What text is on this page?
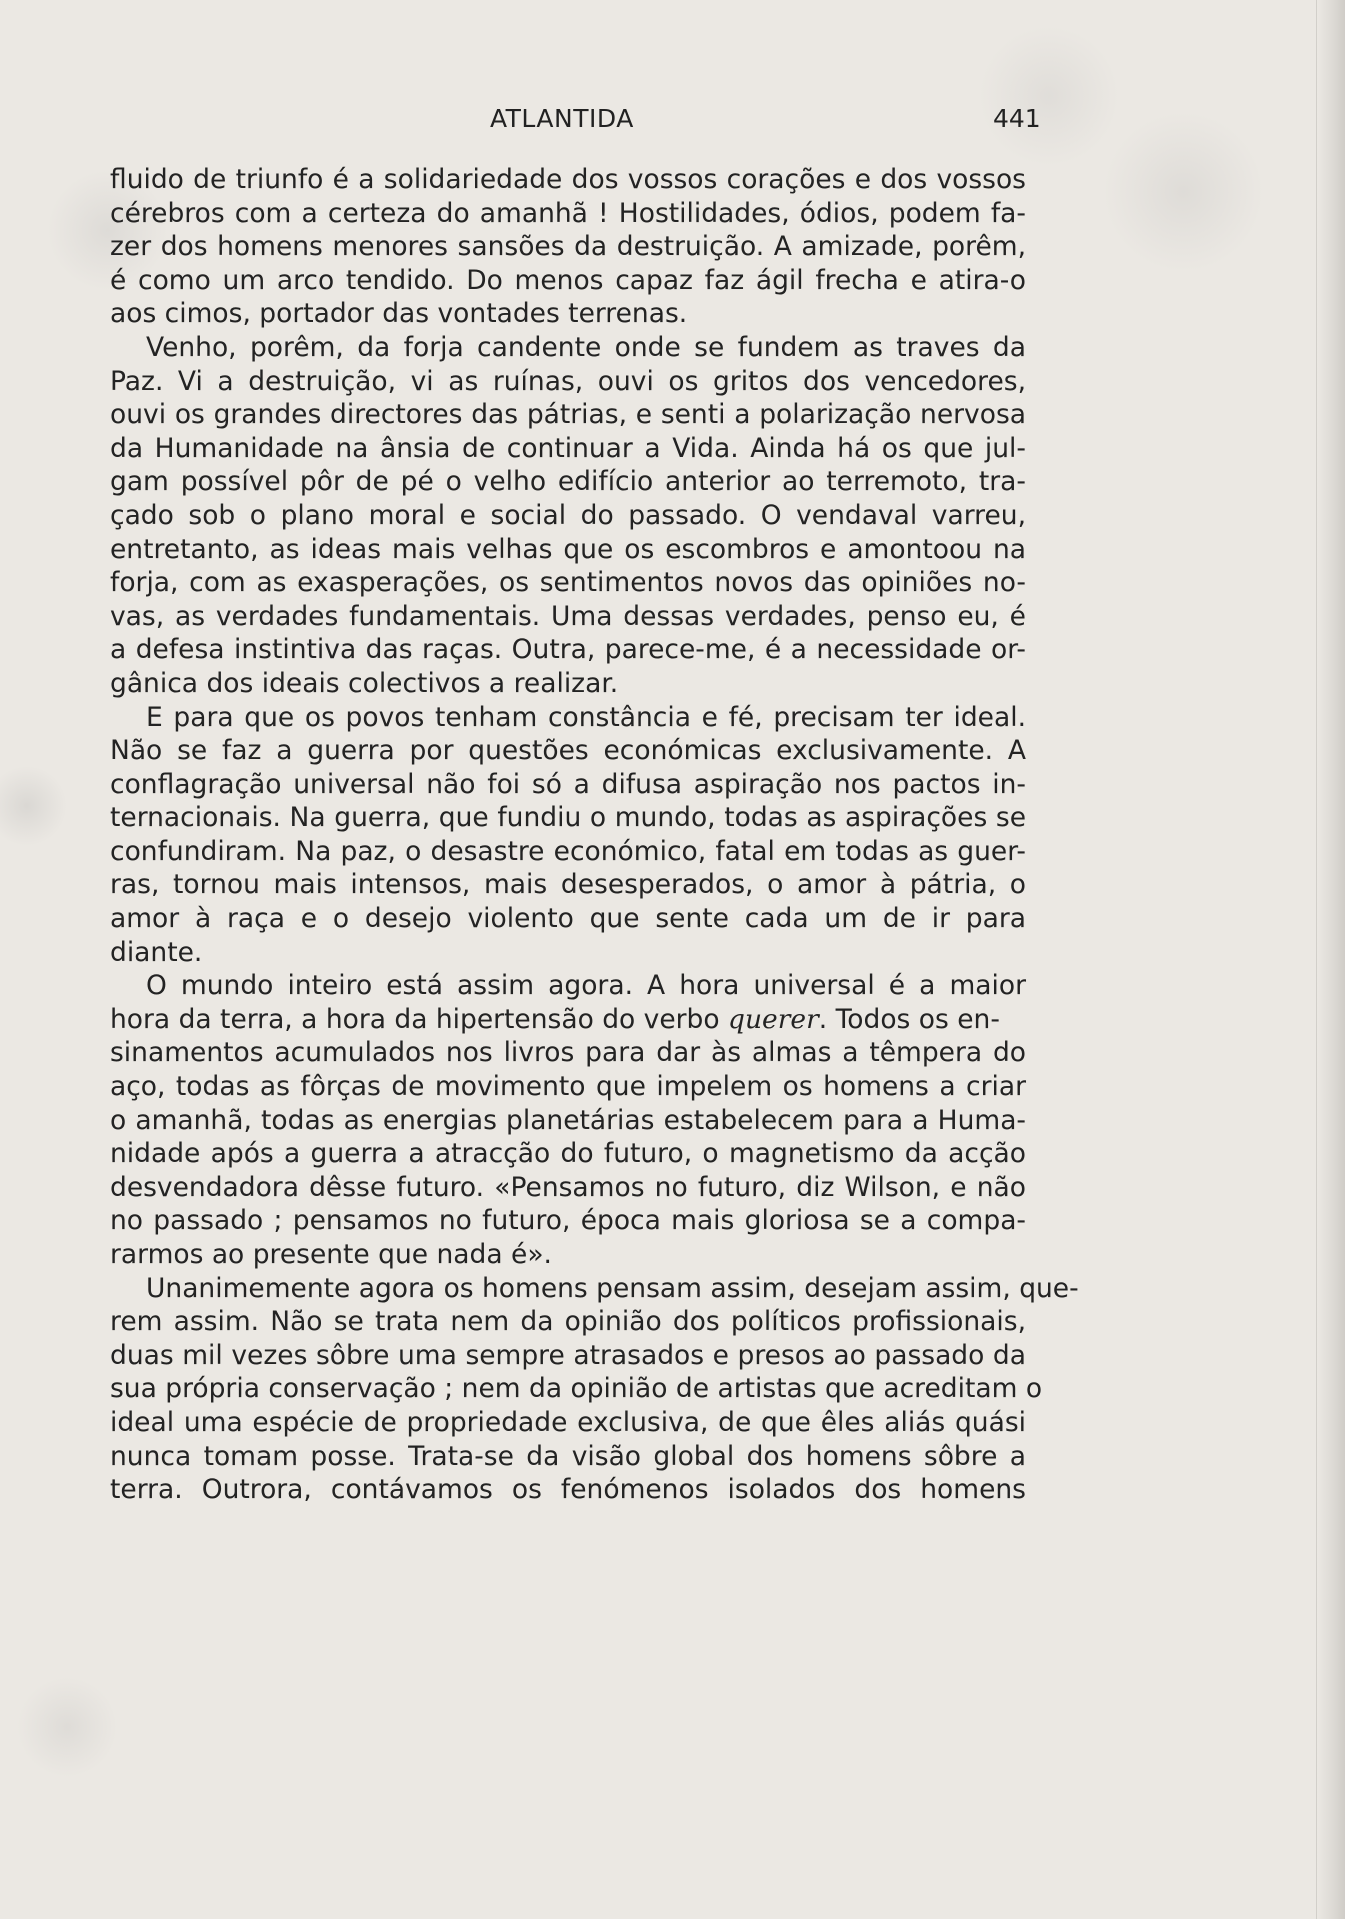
ATLANTIDA	441
fluido de triunfo é a solidariedade dos vossos corações e dos vossos
cérebros com a certeza do amanhã ! Hostilidades, ódios, podem fa-
zer dos homens menores sansões da destruição. A amizade, porêm,
é como um arco tendido. Do menos capaz faz ágil frecha e atira-o
aos cimos, portador das vontades terrenas.
Venho, porêm, da forja candente onde se fundem as traves da
Paz. Vi a destruição, vi as ruínas, ouvi os gritos dos vencedores,
ouvi os grandes directores das pátrias, e senti a polarização nervosa
da Humanidade na ânsia de continuar a Vida. Ainda há os que jul-
gam possível pôr de pé o velho edifício anterior ao terremoto, tra-
çado sob o plano moral e social do passado. O vendaval varreu,
entretanto, as ideas mais velhas que os escombros e amontoou na
forja, com as exasperações, os sentimentos novos das opiniões no-
vas, as verdades fundamentais. Uma dessas verdades, penso eu, é
a defesa instintiva das raças. Outra, parece-me, é a necessidade or-
gânica dos ideais colectivos a realizar.
E para que os povos tenham constância e fé, precisam ter ideal.
Não se faz a guerra por questões económicas exclusivamente. A
conflagração universal não foi só a difusa aspiração nos pactos in-
ternacionais. Na guerra, que fundiu o mundo, todas as aspirações se
confundiram. Na paz, o desastre económico, fatal em todas as guer-
ras, tornou mais intensos, mais desesperados, o amor à pátria, o
amor à raça e o desejo violento que sente cada um de ir para
diante.
O mundo inteiro está assim agora. A hora universal é a maior
hora da terra, a hora da hipertensão do verbo querer. Todos os en-
sinamentos acumulados nos livros para dar às almas a têmpera do
aço, todas as fôrças de movimento que impelem os homens a criar
o amanhã, todas as energias planetárias estabelecem para a Huma-
nidade após a guerra a atracção do futuro, o magnetismo da acção
desvendadora dêsse futuro. «Pensamos no futuro, diz Wilson, e não
no passado ; pensamos no futuro, época mais gloriosa se a compa-
rarmos ao presente que nada é».
Unanimemente agora os homens pensam assim, desejam assim, que-
rem assim. Não se trata nem da opinião dos políticos profissionais,
duas mil vezes sôbre uma sempre atrasados e presos ao passado da
sua própria conservação ; nem da opinião de artistas que acreditam o
ideal uma espécie de propriedade exclusiva, de que êles aliás quási
nunca tomam posse. Trata-se da visão global dos homens sôbre a
terra. Outrora, contávamos os fenómenos isolados dos homens
